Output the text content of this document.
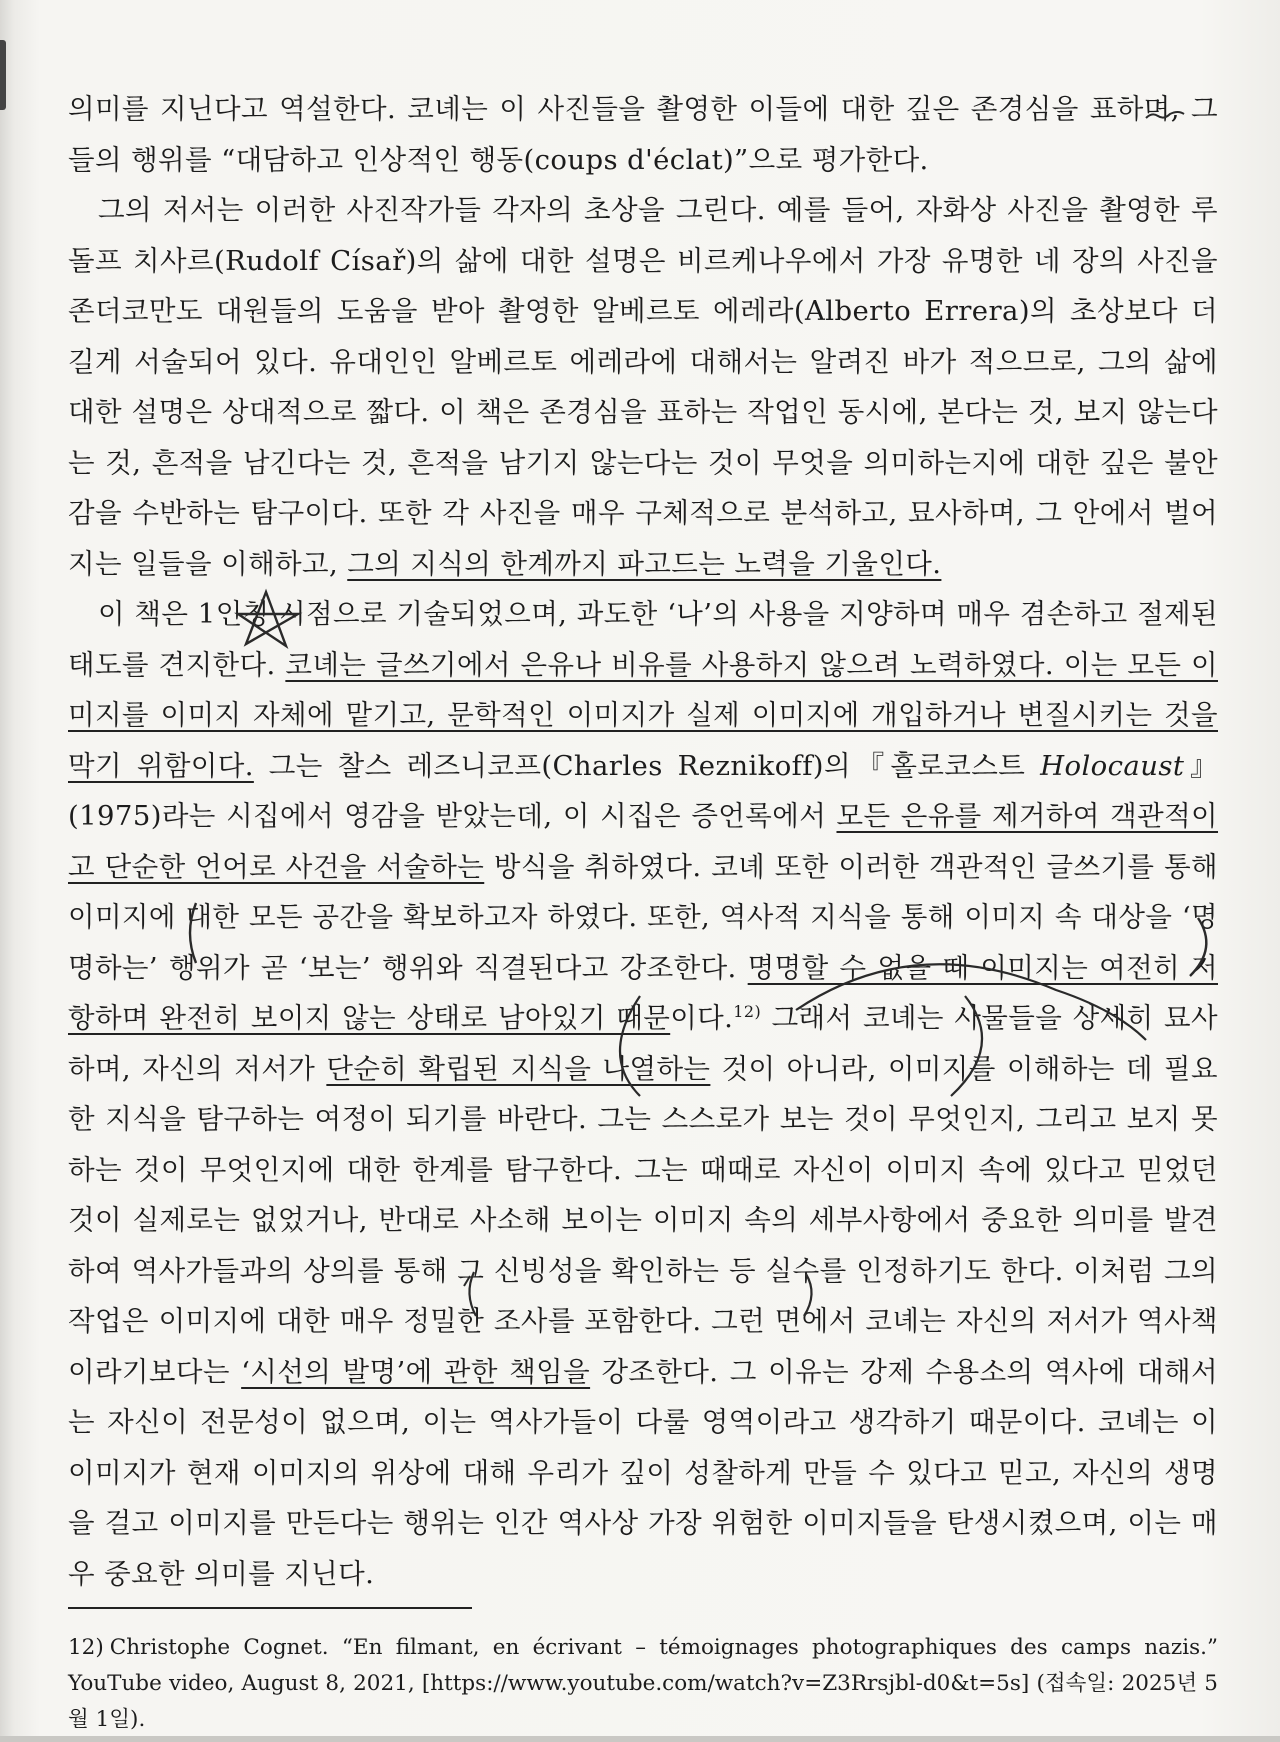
의미를 지닌다고 역설한다. 코녜는 이 사진들을 촬영한 이들에 대한 깊은 존경심을 표하며, 그들의 행위를 “대담하고 인상적인 행동(coups d'éclat)”으로 평가한다.

그의 저서는 이러한 사진작가들 각자의 초상을 그린다. 예를 들어, 자화상 사진을 촬영한 루돌프 치사르(Rudolf Císař)의 삶에 대한 설명은 비르케나우에서 가장 유명한 네 장의 사진을 존더코만도 대원들의 도움을 받아 촬영한 알베르토 에레라(Alberto Errera)의 초상보다 더 길게 서술되어 있다. 유대인인 알베르토 에레라에 대해서는 알려진 바가 적으므로, 그의 삶에 대한 설명은 상대적으로 짧다. 이 책은 존경심을 표하는 작업인 동시에, 본다는 것, 보지 않는다는 것, 흔적을 남긴다는 것, 흔적을 남기지 않는다는 것이 무엇을 의미하는지에 대한 깊은 불안감을 수반하는 탐구이다. 또한 각 사진을 매우 구체적으로 분석하고, 묘사하며, 그 안에서 벌어지는 일들을 이해하고, 그의 지식의 한계까지 파고드는 노력을 기울인다.

이 책은 1인칭 시점으로 기술되었으며, 과도한 ‘나’의 사용을 지양하며 매우 겸손하고 절제된 태도를 견지한다. 코녜는 글쓰기에서 은유나 비유를 사용하지 않으려 노력하였다. 이는 모든 이미지를 이미지 자체에 맡기고, 문학적인 이미지가 실제 이미지에 개입하거나 변질시키는 것을 막기 위함이다. 그는 찰스 레즈니코프(Charles Reznikoff)의『홀로코스트 Holocaust』(1975)라는 시집에서 영감을 받았는데, 이 시집은 증언록에서 모든 은유를 제거하여 객관적이고 단순한 언어로 사건을 서술하는 방식을 취하였다. 코녜 또한 이러한 객관적인 글쓰기를 통해 이미지에 대한 모든 공간을 확보하고자 하였다. 또한, 역사적 지식을 통해 이미지 속 대상을 ‘명명하는’ 행위가 곧 ‘보는’ 행위와 직결된다고 강조한다. 명명할 수 없을 때 이미지는 여전히 저항하며 완전히 보이지 않는 상태로 남아있기 때문이다.$^{12)}$ 그래서 코녜는 사물들을 상세히 묘사하며, 자신의 저서가 단순히 확립된 지식을 나열하는 것이 아니라, 이미지를 이해하는 데 필요한 지식을 탐구하는 여정이 되기를 바란다. 그는 스스로가 보는 것이 무엇인지, 그리고 보지 못하는 것이 무엇인지에 대한 한계를 탐구한다. 그는 때때로 자신이 이미지 속에 있다고 믿었던 것이 실제로는 없었거나, 반대로 사소해 보이는 이미지 속의 세부사항에서 중요한 의미를 발견하여 역사가들과의 상의를 통해 그 신빙성을 확인하는 등 실수를 인정하기도 한다. 이처럼 그의 작업은 이미지에 대한 매우 정밀한 조사를 포함한다. 그런 면에서 코녜는 자신의 저서가 역사책이라기보다는 ‘시선의 발명’에 관한 책임을 강조한다. 그 이유는 강제 수용소의 역사에 대해서는 자신이 전문성이 없으며, 이는 역사가들이 다룰 영역이라고 생각하기 때문이다. 코녜는 이 이미지가 현재 이미지의 위상에 대해 우리가 깊이 성찰하게 만들 수 있다고 믿고, 자신의 생명을 걸고 이미지를 만든다는 행위는 인간 역사상 가장 위험한 이미지들을 탄생시켰으며, 이는 매우 중요한 의미를 지닌다.

12) Christophe Cognet. “En filmant, en écrivant – témoignages photographiques des camps nazis.” YouTube video, August 8, 2021, [https://www.youtube.com/watch?v=Z3Rrsjbl-d0&t=5s] (접속일: 2025년 5월 1일).
